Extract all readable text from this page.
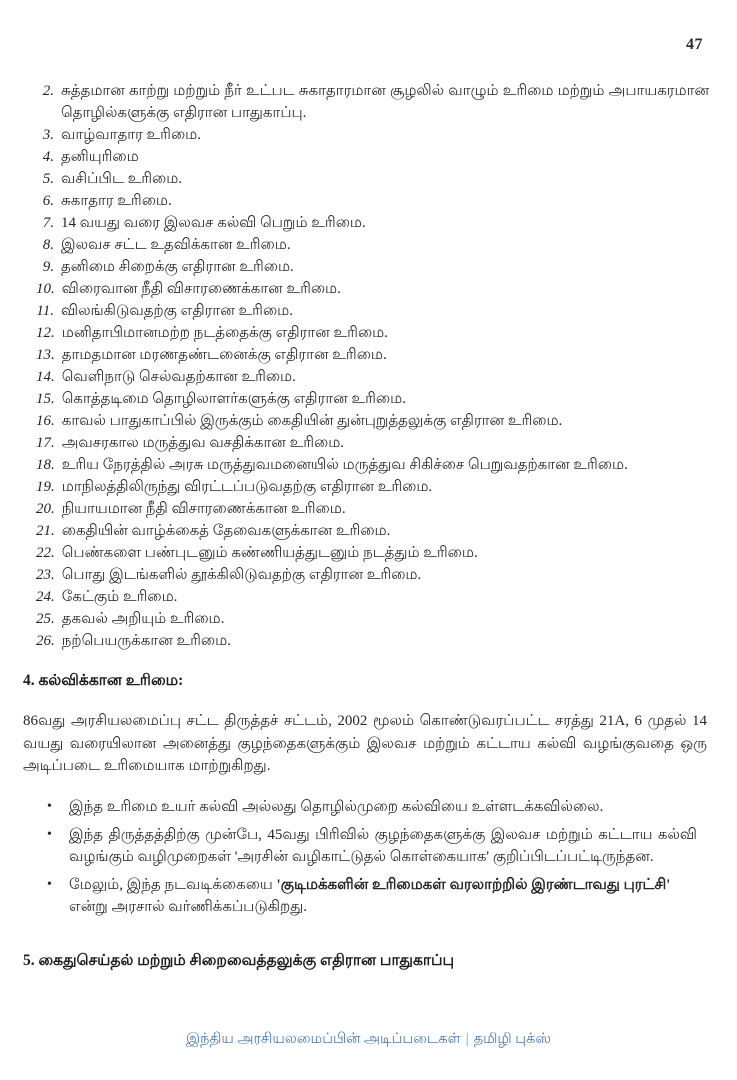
47
2. சுத்தமான காற்று மற்றும் நீர் உட்பட சுகாதாரமான சூழலில் வாழும் உரிமை மற்றும் அபாயகரமான தொழில்களுக்கு எதிரான பாதுகாப்பு.
3. வாழ்வாதார உரிமை.
4. தனியுரிமை
5. வசிப்பிட உரிமை.
6. சுகாதார உரிமை.
7. 14 வயது வரை இலவச கல்வி பெறும் உரிமை.
8. இலவச சட்ட உதவிக்கான உரிமை.
9. தனிமை சிறைக்கு எதிரான உரிமை.
10. விரைவான நீதி விசாரணைக்கான உரிமை.
11. விலங்கிடுவதற்கு எதிரான உரிமை.
12. மனிதாபிமானமற்ற நடத்தைக்கு எதிரான உரிமை.
13. தாமதமான மரணதண்டனைக்கு எதிரான உரிமை.
14. வெளிநாடு செல்வதற்கான உரிமை.
15. கொத்தடிமை தொழிலாளர்களுக்கு எதிரான உரிமை.
16. காவல் பாதுகாப்பில் இருக்கும் கைதியின் துன்புறுத்தலுக்கு எதிரான உரிமை.
17. அவசரகால மருத்துவ வசதிக்கான உரிமை.
18. உரிய நேரத்தில் அரசு மருத்துவமனையில் மருத்துவ சிகிச்சை பெறுவதற்கான உரிமை.
19. மாநிலத்திலிருந்து விரட்டப்படுவதற்கு எதிரான உரிமை.
20. நியாயமான நீதி விசாரணைக்கான உரிமை.
21. கைதியின் வாழ்க்கைத் தேவைகளுக்கான உரிமை.
22. பெண்களை பண்புடனும் கண்ணியத்துடனும் நடத்தும் உரிமை.
23. பொது இடங்களில் தூக்கிலிடுவதற்கு எதிரான உரிமை.
24. கேட்கும் உரிமை.
25. தகவல் அறியும் உரிமை.
26. நற்பெயருக்கான உரிமை.
4. கல்விக்கான உரிமை:
86வது அரசியலமைப்பு சட்ட திருத்தச் சட்டம், 2002 மூலம் கொண்டுவரப்பட்ட சரத்து 21A, 6 முதல் 14 வயது வரையிலான அனைத்து குழந்தைகளுக்கும் இலவச மற்றும் கட்டாய கல்வி வழங்குவதை ஒரு அடிப்படை உரிமையாக மாற்றுகிறது.
•	இந்த உரிமை உயர் கல்வி அல்லது தொழில்முறை கல்வியை உள்ளடக்கவில்லை.
•	இந்த திருத்தத்திற்கு முன்பே, 45வது பிரிவில் குழந்தைகளுக்கு இலவச மற்றும் கட்டாய கல்வி வழங்கும் வழிமுறைகள் 'அரசின் வழிகாட்டுதல் கொள்கையாக' குறிப்பிடப்பட்டிருந்தன.
•	மேலும், இந்த நடவடிக்கையை 'குடிமக்களின் உரிமைகள் வரலாற்றில் இரண்டாவது புரட்சி' என்று அரசால் வர்ணிக்கப்படுகிறது.
5. கைதுசெய்தல் மற்றும் சிறைவைத்தலுக்கு எதிரான பாதுகாப்பு
இந்திய அரசியலமைப்பின் அடிப்படைகள் | தமிழி புக்ஸ்
